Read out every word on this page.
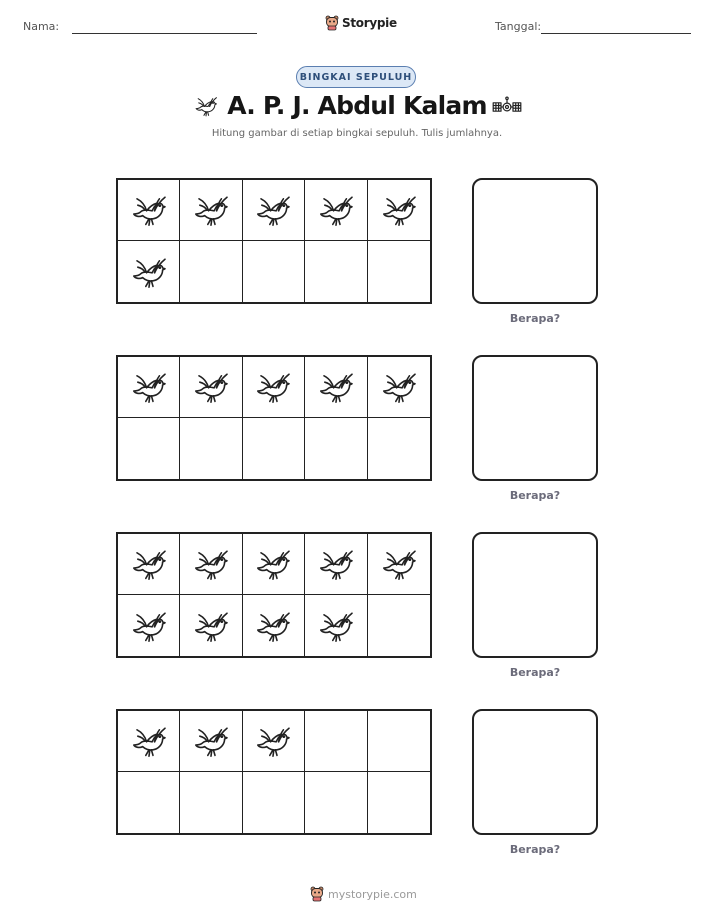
Nama:	Storypie	Tanggal:
BINGKAI SEPULUH
A. P. J. Abdul Kalam
Hitung gambar di setiap bingkai sepuluh. Tulis jumlahnya.
Berapa?
Berapa?
Berapa?
Berapa?
mystorypie.com
